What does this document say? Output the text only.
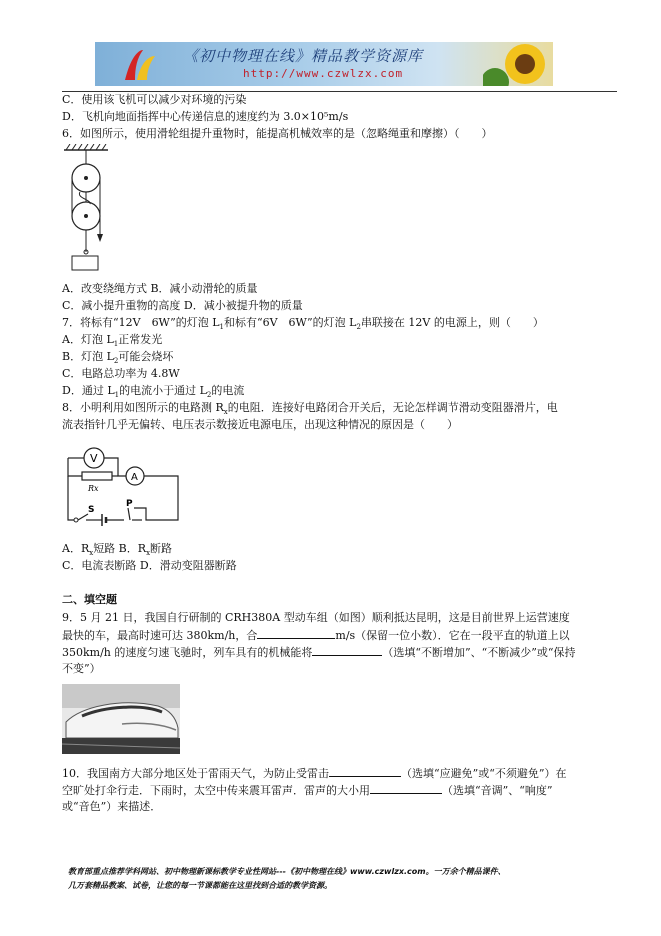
《初中物理在线》精品教学资源库
http://www.czwlzx.com
C．使用该飞机可以减少对环境的污染
D．飞机向地面指挥中心传递信息的速度约为 3.0×10⁵m/s
6．如图所示，使用滑轮组提升重物时，能提高机械效率的是（忽略绳重和摩擦）（　　）
A．改变绕绳方式 B．减小动滑轮的质量
C．减小提升重物的高度 D．减小被提升物的质量
7．将标有“12V　6W”的灯泡 $L_1$和标有“6V　6W”的灯泡 $L_2$串联接在 12V 的电源上，则（　　）
A．灯泡 $L_1$正常发光
B．灯泡 $L_2$可能会烧坏
C．电路总功率为 4.8W
D．通过 $L_1$的电流小于通过 $L_2$的电流
8．小明利用如图所示的电路测 $R_x$的电阻．连接好电路闭合开关后，无论怎样调节滑动变阻器滑片，电
流表指针几乎无偏转、电压表示数接近电源电压，出现这种情况的原因是（　　）
V
A
Rx
S
P
A．$R_x$短路 B．$R_x$断路
C．电流表断路 D．滑动变阻器断路
二、填空题
9．5 月 21 日，我国自行研制的 CRH380A 型动车组（如图）顺利抵达昆明，这是目前世界上运营速度
最快的车，最高时速可达 380km/h，合	m/s（保留一位小数）．它在一段平直的轨道上以
350km/h 的速度匀速飞驰时，列车具有的机械能将	（选填“不断增加”、“不断减少”或“保持
不变”）
10．我国南方大部分地区处于雷雨天气，为防止受雷击	（选填“应避免”或“不须避免”）在
空旷处打伞行走．下雨时，太空中传来震耳雷声．雷声的大小用	（选填“音调”、“响度”
或“音色”）来描述．
教育部重点推荐学科网站、初中物理新课标教学专业性网站---《初中物理在线》www.czwlzx.com。一万余个精品课件、
几万套精品教案、试卷，让您的每一节课都能在这里找到合适的教学资源。
